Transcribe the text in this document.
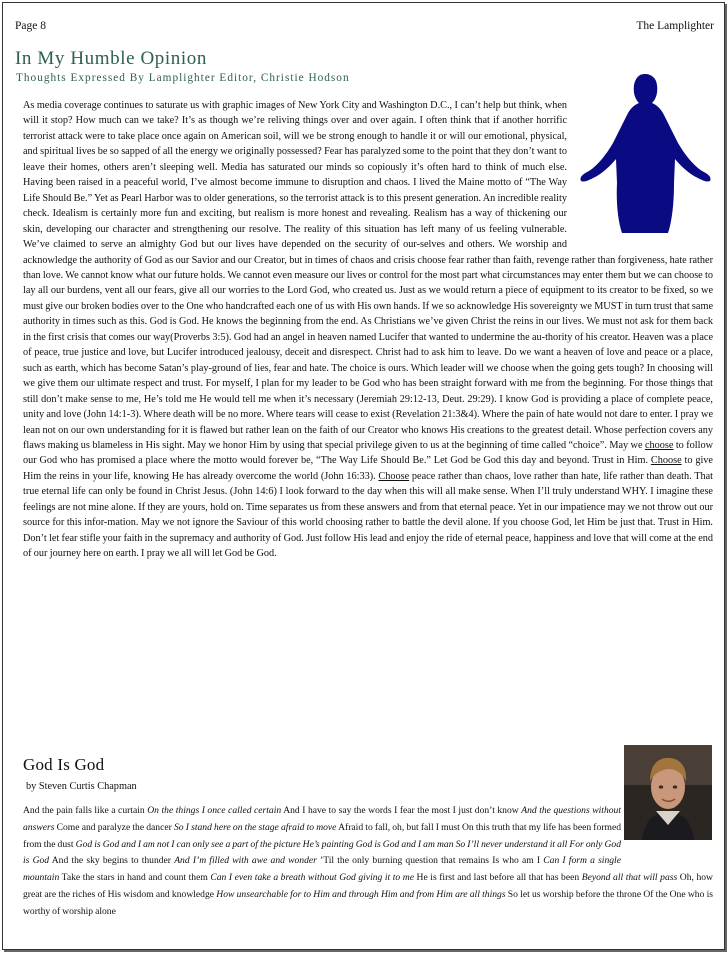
Page 8	The Lamplighter
In My Humble Opinion
Thoughts Expressed By Lamplighter Editor, Christie Hodson

As media coverage continues to saturate us with graphic images of New York City and Washington D.C., I can’t help but think, when will it stop? How much can we take? It’s as though we’re reliving things over and over again. I often think that if another horrific terrorist attack were to take place once again on American soil, will we be strong enough to handle it or will our emotional, physical, and spiritual lives be so sapped of all the energy we originally possessed? Fear has paralyzed some to the point that they don’t want to leave their homes, others aren’t sleeping well. Media has saturated our minds so copiously it’s often hard to think of much else. Having been raised in a peaceful world, I’ve almost become immune to disruption and chaos. I lived the Maine motto of “The Way Life Should Be.” Yet as Pearl Harbor was to older generations, so the terrorist attack is to this present generation. An incredible reality check. Idealism is certainly more fun and exciting, but realism is more honest and revealing. Realism has a way of thickening our skin, developing our character and strengthening our resolve. The reality of this situation has left many of us feeling vulnerable. We’ve claimed to serve an almighty God but our lives have depended on the security of our-selves and others. We worship and acknowledge the authority of God as our Savior and our Creator, but in times of chaos and crisis choose fear rather than faith, revenge rather than forgiveness, hate rather than love. We cannot know what our future holds. We cannot even measure our lives or control for the most part what circumstances may enter them but we can choose to lay all our burdens, vent all our fears, give all our worries to the Lord God, who created us. Just as we would return a piece of equipment to its creator to be fixed, so we must give our broken bodies over to the One who handcrafted each one of us with His own hands. If we so acknowledge His sovereignty we MUST in turn trust that same authority in times such as this. God is God. He knows the beginning from the end. As Christians we’ve given Christ the reins in our lives. We must not ask for them back in the first crisis that comes our way(Proverbs 3:5). God had an angel in heaven named Lucifer that wanted to undermine the au-thority of his creator. Heaven was a place of peace, true justice and love, but Lucifer introduced jealousy, deceit and disrespect. Christ had to ask him to leave. Do we want a heaven of love and peace or a place, such as earth, which has become Satan’s play-ground of lies, fear and hate. The choice is ours. Which leader will we choose when the going gets tough? In choosing will we give them our ultimate respect and trust. For myself, I plan for my leader to be God who has been straight forward with me from the beginning. For those things that still don’t make sense to me, He’s told me He would tell me when it’s necessary (Jeremiah 29:12-13, Deut. 29:29). I know God is providing a place of complete peace, unity and love (John 14:1-3). Where death will be no more. Where tears will cease to exist (Revelation 21:3&4). Where the pain of hate would not dare to enter. I pray we lean not on our own understanding for it is flawed but rather lean on the faith of our Creator who knows His creations to the greatest detail. Whose perfection covers any flaws making us blameless in His sight. May we honor Him by using that special privilege given to us at the beginning of time called “choice”. May we choose to follow our God who has promised a place where the motto would forever be, “The Way Life Should Be.” Let God be God this day and beyond. Trust in Him. Choose to give Him the reins in your life, knowing He has already overcome the world (John 16:33). Choose peace rather than chaos, love rather than hate, life rather than death. That true eternal life can only be found in Christ Jesus. (John 14:6) I look forward to the day when this will all make sense. When I’ll truly understand WHY. I imagine these feelings are not mine alone. If they are yours, hold on. Time separates us from these answers and from that eternal peace. Yet in our impatience may we not throw out our source for this infor-mation. May we not ignore the Saviour of this world choosing rather to battle the devil alone. If you choose God, let Him be just that. Trust in Him. Don’t let fear stifle your faith in the supremacy and authority of God. Just follow His lead and enjoy the ride of eternal peace, happiness and love that will come at the end of our journey here on earth. I pray we all will let God be God.

God Is God
by Steven Curtis Chapman

And the pain falls like a curtain On the things I once called certain And I have to say the words I fear the most I just don’t know And the questions without answers Come and paralyze the dancer So I stand here on the stage afraid to move Afraid to fall, oh, but fall I must On this truth that my life has been formed from the dust God is God and I am not I can only see a part of the picture He’s painting God is God and I am man So I’ll never understand it all For only God is God And the sky begins to thunder And I’m filled with awe and wonder ’Til the only burning question that remains Is who am I Can I form a single mountain Take the stars in hand and count them Can I even take a breath without God giving it to me He is first and last before all that has been Beyond all that will pass Oh, how great are the riches of His wisdom and knowledge How unsearchable for to Him and through Him and from Him are all things So let us worship before the throne Of the One who is worthy of worship alone
